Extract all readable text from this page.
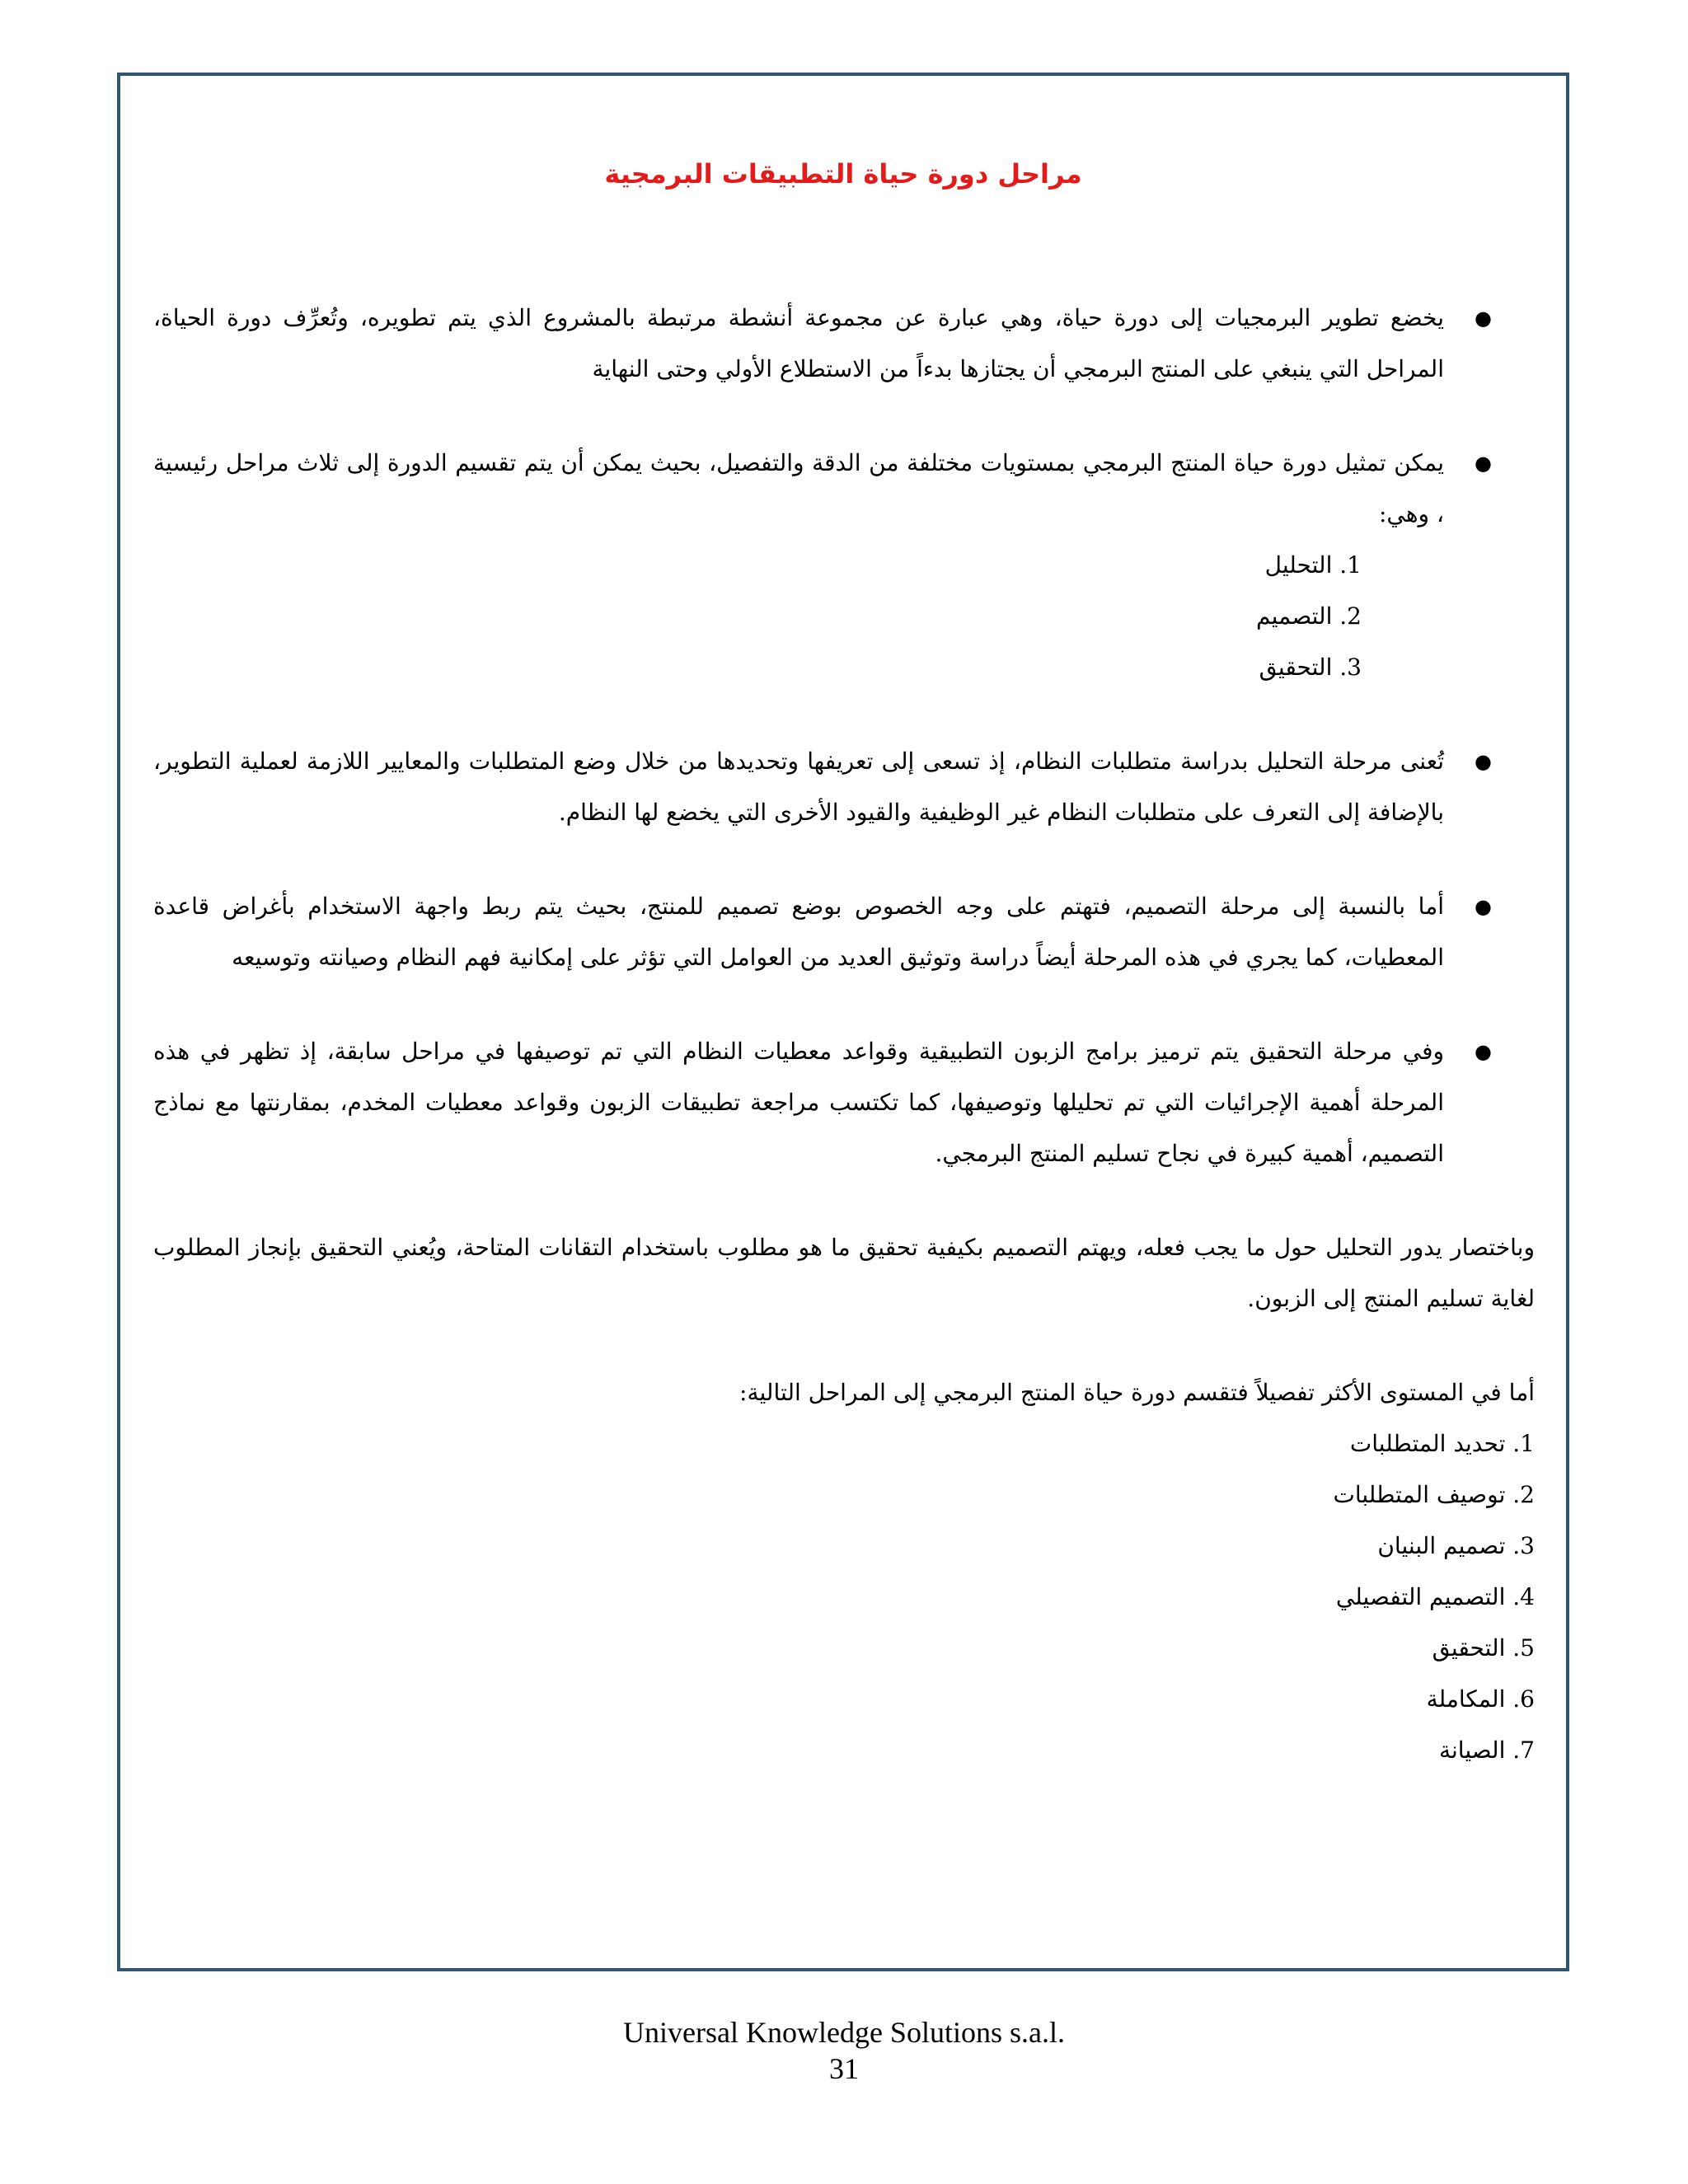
مراحل دورة حياة التطبيقات البرمجية
●
يخضع تطوير البرمجيات إلى دورة حياة، وهي عبارة عن مجموعة أنشطة مرتبطة بالمشروع الذي يتم تطويره، وتُعرِّف دورة الحياة، المراحل التي ينبغي على المنتج البرمجي أن يجتازها بدءاً من الاستطلاع الأولي وحتى النهاية
●
يمكن تمثيل دورة حياة المنتج البرمجي بمستويات مختلفة من الدقة والتفصيل، بحيث يمكن أن يتم تقسيم الدورة إلى ثلاث مراحل رئيسية ، وهي:
1. التحليل
2. التصميم
3. التحقيق
●
تُعنى مرحلة التحليل بدراسة متطلبات النظام، إذ تسعى إلى تعريفها وتحديدها من خلال وضع المتطلبات والمعايير اللازمة لعملية التطوير، بالإضافة إلى التعرف على متطلبات النظام غير الوظيفية والقيود الأخرى التي يخضع لها النظام.
●
أما بالنسبة إلى مرحلة التصميم، فتهتم على وجه الخصوص بوضع تصميم للمنتج، بحيث يتم ربط واجهة الاستخدام بأغراض قاعدة المعطيات، كما يجري في هذه المرحلة أيضاً دراسة وتوثيق العديد من العوامل التي تؤثر على إمكانية فهم النظام وصيانته وتوسيعه
●
وفي مرحلة التحقيق يتم ترميز برامج الزبون التطبيقية وقواعد معطيات النظام التي تم توصيفها في مراحل سابقة، إذ تظهر في هذه المرحلة أهمية الإجرائيات التي تم تحليلها وتوصيفها، كما تكتسب مراجعة تطبيقات الزبون وقواعد معطيات المخدم، بمقارنتها مع نماذج التصميم، أهمية كبيرة في نجاح تسليم المنتج البرمجي.

وباختصار يدور التحليل حول ما يجب فعله، ويهتم التصميم بكيفية تحقيق ما هو مطلوب باستخدام التقانات المتاحة، ويُعني التحقيق بإنجاز المطلوب لغاية تسليم المنتج إلى الزبون.

أما في المستوى الأكثر تفصيلاً فتقسم دورة حياة المنتج البرمجي إلى المراحل التالية:
1. تحديد المتطلبات
2. توصيف المتطلبات
3. تصميم البنيان
4. التصميم التفصيلي
5. التحقيق
6. المكاملة
7. الصيانة
Universal Knowledge Solutions s.a.l.
31
